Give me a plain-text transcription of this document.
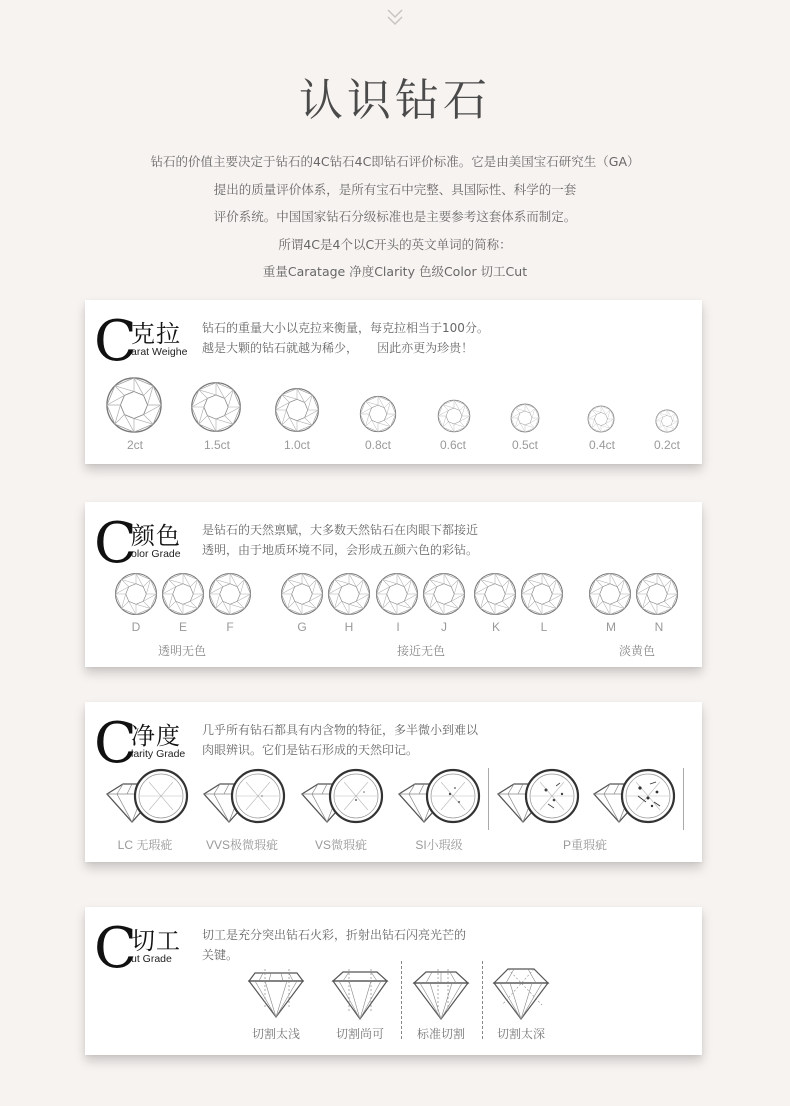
认识钻石
钻石的价值主要决定于钻石的4C钻石4C即钻石评价标准。它是由美国宝石研究生（GA）
提出的质量评价体系，是所有宝石中完整、具国际性、科学的一套
评价系统。中国国家钻石分级标准也是主要参考这套体系而制定。
所谓4C是4个以C开头的英文单词的简称：
重量Caratage 净度Clarity 色级Color 切工Cut
C
克拉
arat Weighe
钻石的重量大小以克拉来衡量，每克拉相当于100分。
越是大颗的钻石就越为稀少，     因此亦更为珍贵！
2ct	1.5ct	1.0ct	0.8ct	0.6ct	0.5ct	0.4ct	0.2ct
C
颜色
olor Grade
是钻石的天然禀赋，大多数天然钻石在肉眼下都接近
透明，由于地质环境不同，会形成五颜六色的彩钻。
D	E	F	G	H	I	J	K	L	M	N
透明无色	接近无色	淡黄色
C
净度
larity Grade
几乎所有钻石都具有内含物的特征，多半微小到难以
肉眼辨识。它们是钻石形成的天然印记。
LC 无瑕疵	VVS极微瑕疵	VS微瑕疵	SI小瑕级	P重瑕疵
C
切工
ut Grade
切工是充分突出钻石火彩，折射出钻石闪亮光芒的
关键。
切割太浅	切割尚可	标准切割	切割太深
